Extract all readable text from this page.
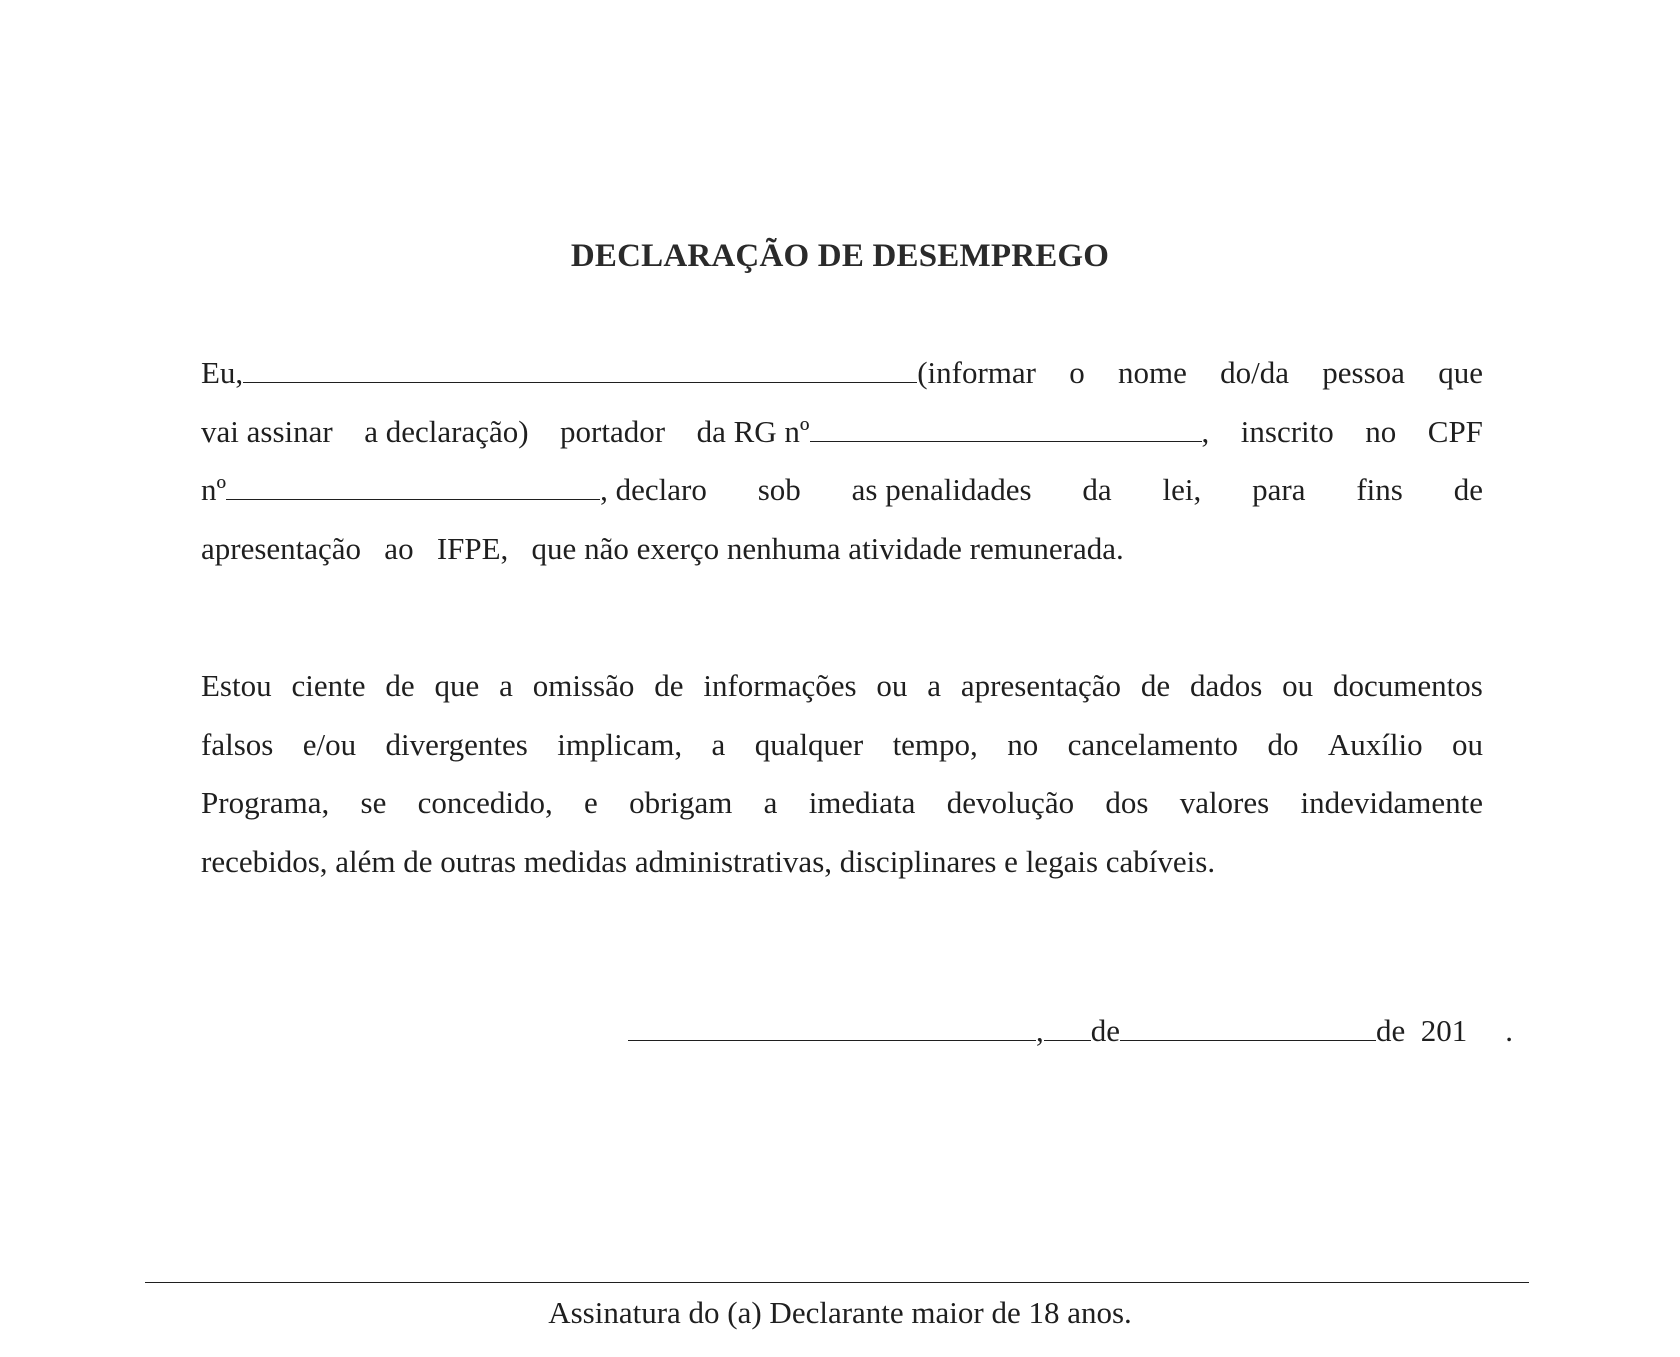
DECLARAÇÃO DE DESEMPREGO
Eu,	(informar o nome do/da pessoa que
vai assinar a declaração) portador da RG nº	, inscrito no CPF
nº	, declaro sob as penalidades da lei, para fins de
apresentação   ao   IFPE,   que não exerço nenhuma atividade remunerada.
Estou ciente de que a omissão de informações ou a apresentação de dados ou documentos
falsos e/ou divergentes implicam, a qualquer tempo, no cancelamento do Auxílio ou
Programa, se concedido, e obrigam a imediata devolução dos valores indevidamente
recebidos, além de outras medidas administrativas, disciplinares e legais cabíveis.
, de	de  201 .
Assinatura do (a) Declarante maior de 18 anos.
